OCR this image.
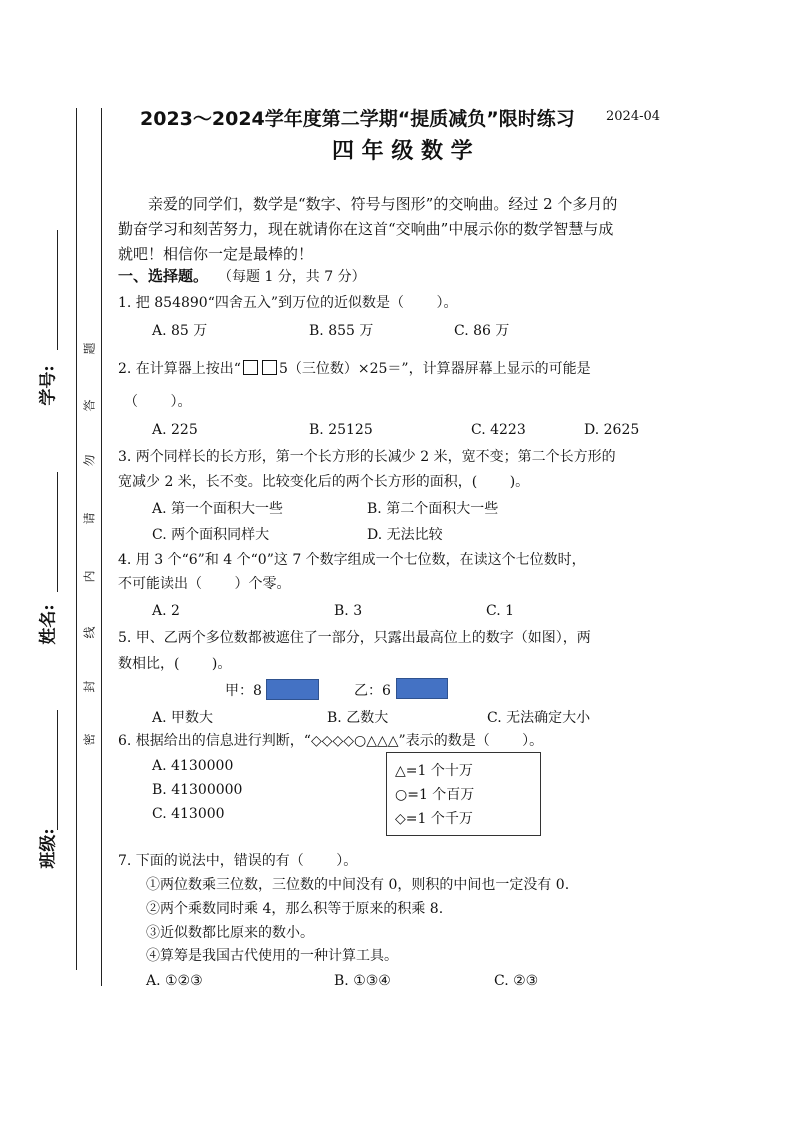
学号:
姓名:
班级:
密
封
线
内
请
勿
答
题
2023～2024学年度第二学期“提质减负”限时练习 2024-04
四 年 级 数 学
亲爱的同学们，数学是“数字、符号与图形”的交响曲。经过 2 个多月的
勤奋学习和刻苦努力，现在就请你在这首“交响曲”中展示你的数学智慧与成
就吧！相信你一定是最棒的！
一、选择题。 （每题 1 分，共 7 分）
1. 把 854890“四舍五入”到万位的近似数是（　　 ）。
A. 85 万	B. 855 万	C. 86 万
2. 在计算器上按出“	5（三位数）×25＝”，计算器屏幕上显示的可能是
（　　 ）。
A. 225	B. 25125	C. 4223	D. 2625
3. 两个同样长的长方形，第一个长方形的长减少 2 米，宽不变；第二个长方形的
宽减少 2 米，长不变。比较变化后的两个长方形的面积，(　　 )。
A. 第一个面积大一些	B. 第二个面积大一些
C. 两个面积同样大	D. 无法比较
4. 用 3 个“6”和 4 个“0”这 7 个数字组成一个七位数，在读这个七位数时，
不可能读出（　　 ）个零。
A. 2	B. 3	C. 1
5. 甲、乙两个多位数都被遮住了一部分，只露出最高位上的数字（如图），两
数相比，(　　 )。
甲：8	乙：6
A. 甲数大	B. 乙数大	C. 无法确定大小
6. 根据给出的信息进行判断，“◇◇◇◇○△△△”表示的数是（　　 ）。
A. 4130000
B. 41300000
C. 413000
△=1 个十万
○=1 个百万
◇=1 个千万
7. 下面的说法中，错误的有（　　 ）。
①两位数乘三位数，三位数的中间没有 0，则积的中间也一定没有 0.
②两个乘数同时乘 4，那么积等于原来的积乘 8.
③近似数都比原来的数小。
④算筹是我国古代使用的一种计算工具。
A. ①②③	B. ①③④	C. ②③
